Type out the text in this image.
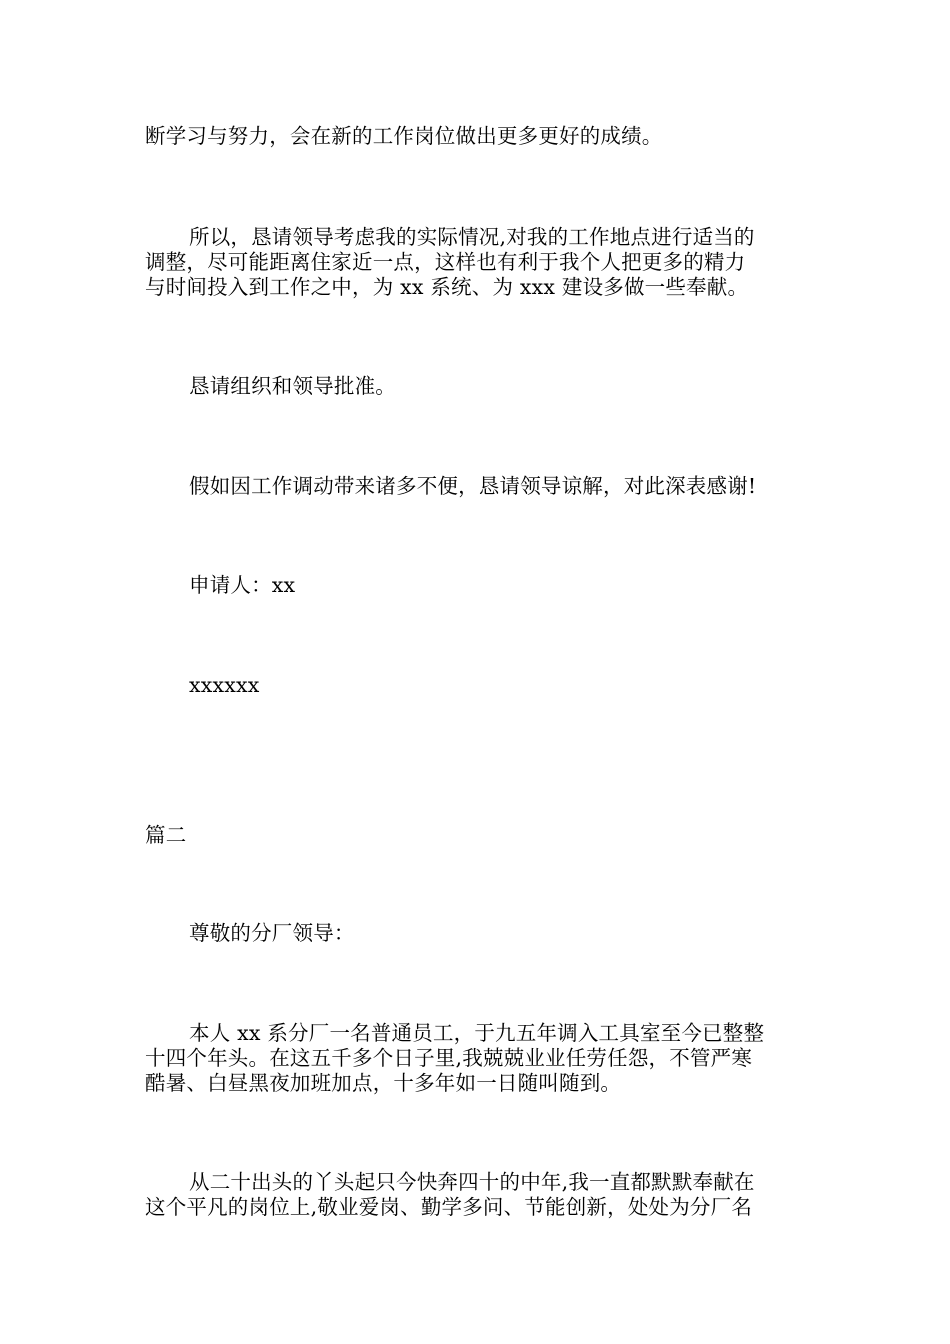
断学习与努力，会在新的工作岗位做出更多更好的成绩。

所以，恳请领导考虑我的实际情况,对我的工作地点进行适当的
调整，尽可能距离住家近一点，这样也有利于我个人把更多的精力
与时间投入到工作之中，为 xx 系统、为 xxx 建设多做一些奉献。

恳请组织和领导批准。

假如因工作调动带来诸多不便，恳请领导谅解，对此深表感谢!

申请人：xx

xxxxxx

篇二

尊敬的分厂领导：

本人 xx 系分厂一名普通员工，于九五年调入工具室至今已整整
十四个年头。在这五千多个日子里,我兢兢业业任劳任怨，不管严寒
酷暑、白昼黑夜加班加点，十多年如一日随叫随到。

从二十出头的丫头起只今快奔四十的中年,我一直都默默奉献在
这个平凡的岗位上,敬业爱岗、勤学多问、节能创新，处处为分厂名
